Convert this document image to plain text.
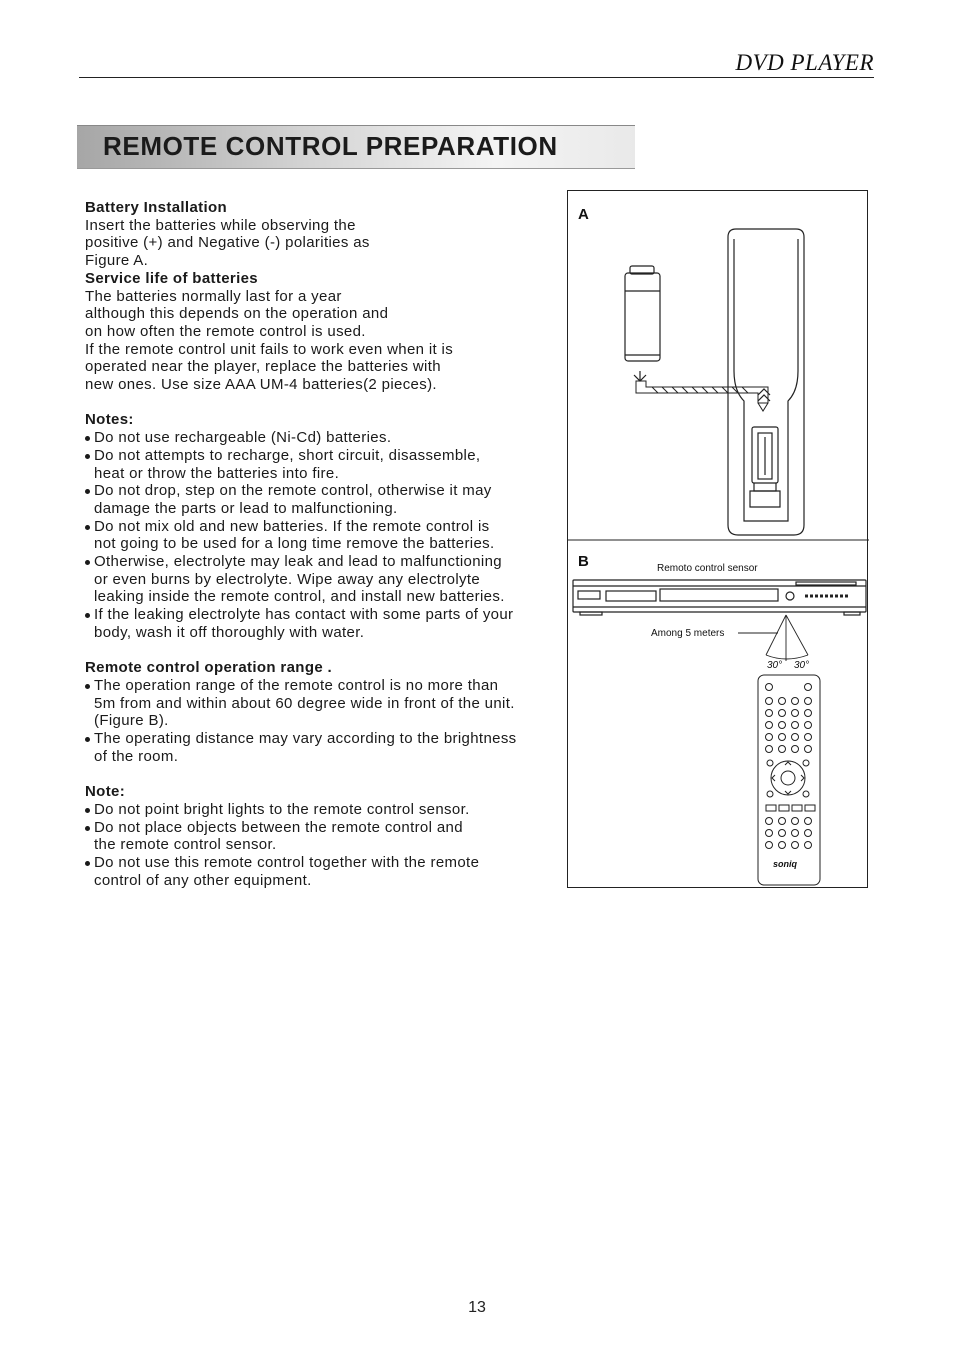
DVD PLAYER
REMOTE CONTROL PREPARATION
Battery Installation
Insert the batteries while observing the
positive (+) and Negative (-) polarities as
Figure A.
Service life of batteries
The batteries normally last for a year
although this depends on the operation and
on how often the remote control is used.
If the remote control unit fails to work even when it is
operated near the player, replace the batteries with
new ones. Use size AAA UM-4 batteries(2 pieces).
Notes:
Do not use rechargeable (Ni-Cd) batteries.
Do not attempts to recharge, short circuit, disassemble,
heat or throw the batteries into fire.
Do not drop, step on the remote control, otherwise it may
damage the parts or lead to malfunctioning.
Do not mix old and new batteries. If the remote control is
not going to be used for a long time remove the batteries.
Otherwise, electrolyte may leak and lead to malfunctioning
or even burns by electrolyte. Wipe away any electrolyte
leaking inside the remote control, and install new batteries.
If the leaking electrolyte has contact with some parts of your
body, wash it off thoroughly with water.
Remote control operation range .
The operation range of the remote control is no more than
5m from and within about 60 degree wide in front of the unit.
(Figure B).
The operating distance may vary according to the brightness
of the room.
Note:
Do not point bright lights to the remote control sensor.
Do not place objects between the remote control and
the remote control sensor.
Do not use this remote control together with the remote
control of any other equipment.
A
B	Remoto control sensor
Among 5 meters
30° 30°
soniq
13
